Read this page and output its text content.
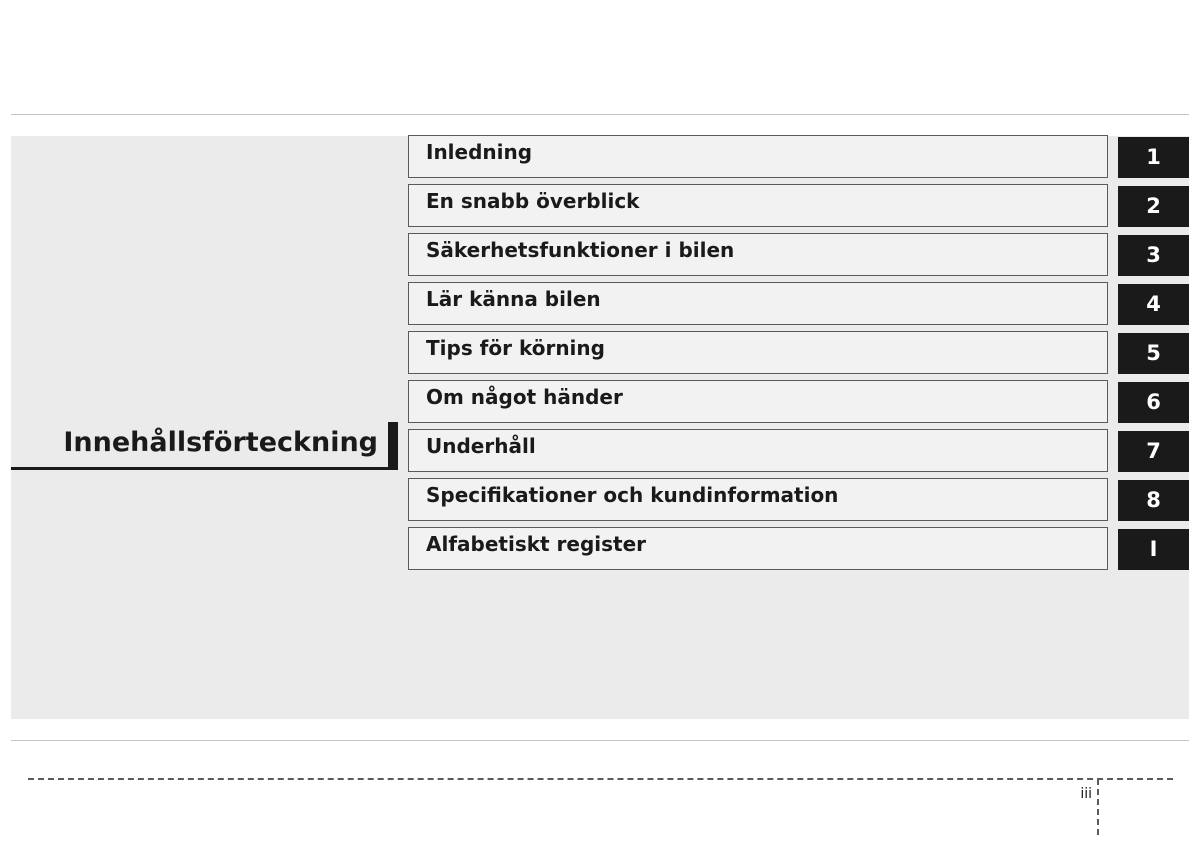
Innehållsförteckning
Inledning	1
En snabb överblick	2
Säkerhetsfunktioner i bilen	3
Lär känna bilen	4
Tips för körning	5
Om något händer	6
Underhåll	7
Specifikationer och kundinformation	8
Alfabetiskt register	I
iii
